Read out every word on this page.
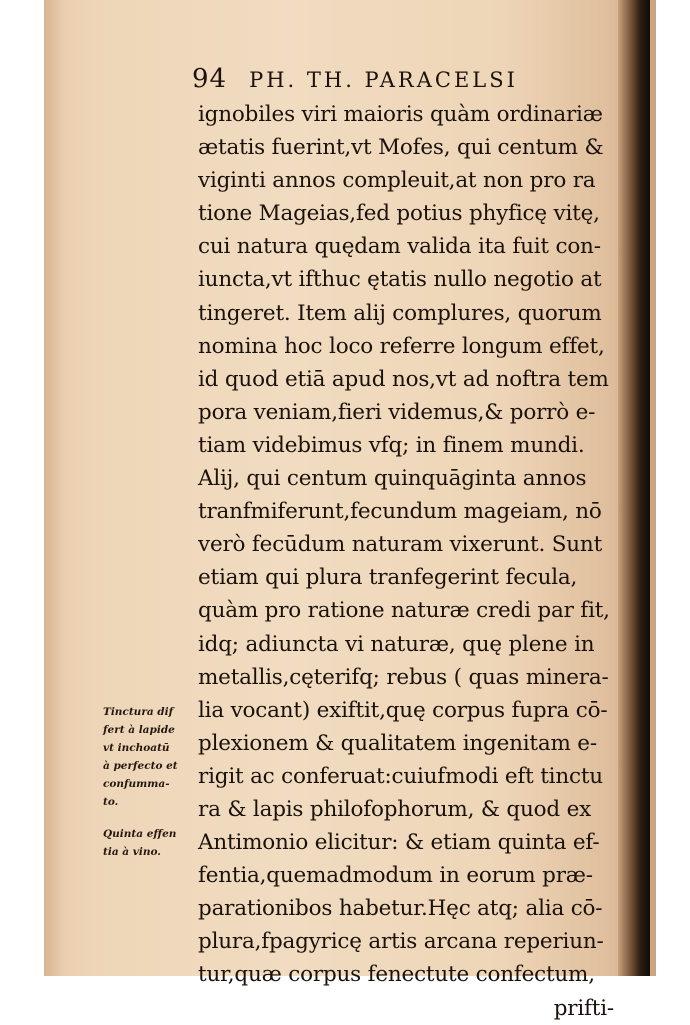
94 PH. TH. PARACELSI
ignobiles viri maioris quàm ordinariæ
ætatis fuerint,vt Mofes, qui centum &
viginti annos compleuit,at non pro ra
tione Mageias,fed potius phyficę vitę,
cui natura quędam valida ita fuit con-
iuncta,vt ifthuc ętatis nullo negotio at
tingeret. Item alij complures, quorum
nomina hoc loco referre longum effet,
id quod etiā apud nos,vt ad noftra tem
pora veniam,fieri videmus,& porrò e-
tiam videbimus vfq; in finem mundi.
Alij, qui centum quinquāginta annos
tranfmiferunt,fecundum mageiam, nō
verò fecūdum naturam vixerunt. Sunt
etiam qui plura tranfegerint fecula,
quàm pro ratione naturæ credi par fit,
idq; adiuncta vi naturæ, quę plene in
metallis,cęterifq; rebus ( quas minera-
lia vocant) exiftit,quę corpus fupra cō-
plexionem & qualitatem ingenitam e-
rigit ac conferuat:cuiufmodi eft tinctu
ra & lapis philofophorum, & quod ex
Antimonio elicitur: & etiam quinta ef-
fentia,quemadmodum in eorum præ-
parationibos habetur.Hęc atq; alia cō-
plura,fpagyricę artis arcana reperiun-
tur,quæ corpus fenectute confectum,
prifti-
Tinctura dif
fert à lapide
vt inchoatū
à perfecto et
confumma-
to.
Quinta effen
tia à vino.
